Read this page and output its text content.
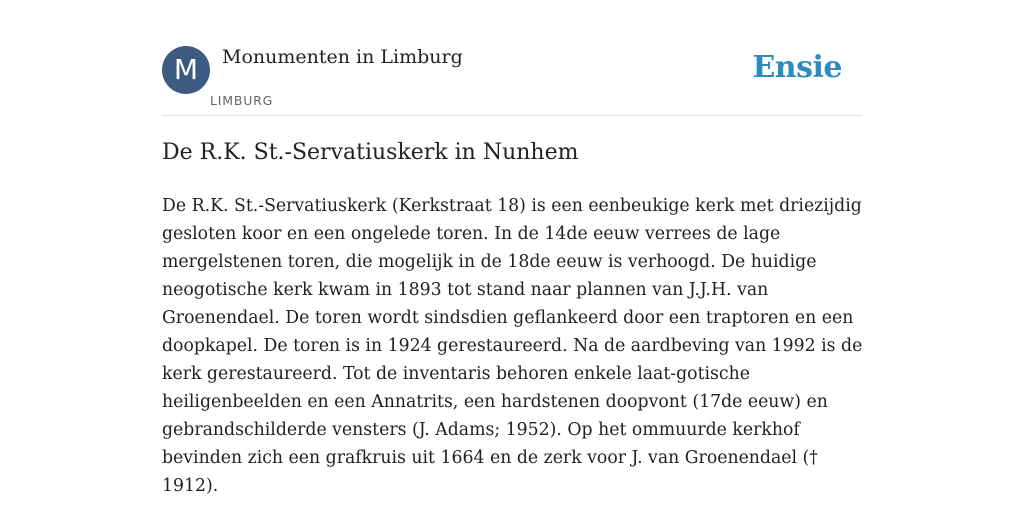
M	Monumenten in Limburg
LIMBURG
Ensie
De R.K. St.-Servatiuskerk in Nunhem

De R.K. St.-Servatiuskerk (Kerkstraat 18) is een eenbeukige kerk met driezijdig gesloten koor en een ongelede toren. In de 14de eeuw verrees de lage mergelstenen toren, die mogelijk in de 18de eeuw is verhoogd. De huidige neogotische kerk kwam in 1893 tot stand naar plannen van J.J.H. van Groenendael. De toren wordt sindsdien geflankeerd door een traptoren en een doopkapel. De toren is in 1924 gerestaureerd. Na de aardbeving van 1992 is de kerk gerestaureerd. Tot de inventaris behoren enkele laat-gotische heiligenbeelden en een Annatrits, een hardstenen doopvont (17de eeuw) en gebrandschilderde vensters (J. Adams; 1952). Op het ommuurde kerkhof bevinden zich een grafkruis uit 1664 en de zerk voor J. van Groenendael († 1912).
